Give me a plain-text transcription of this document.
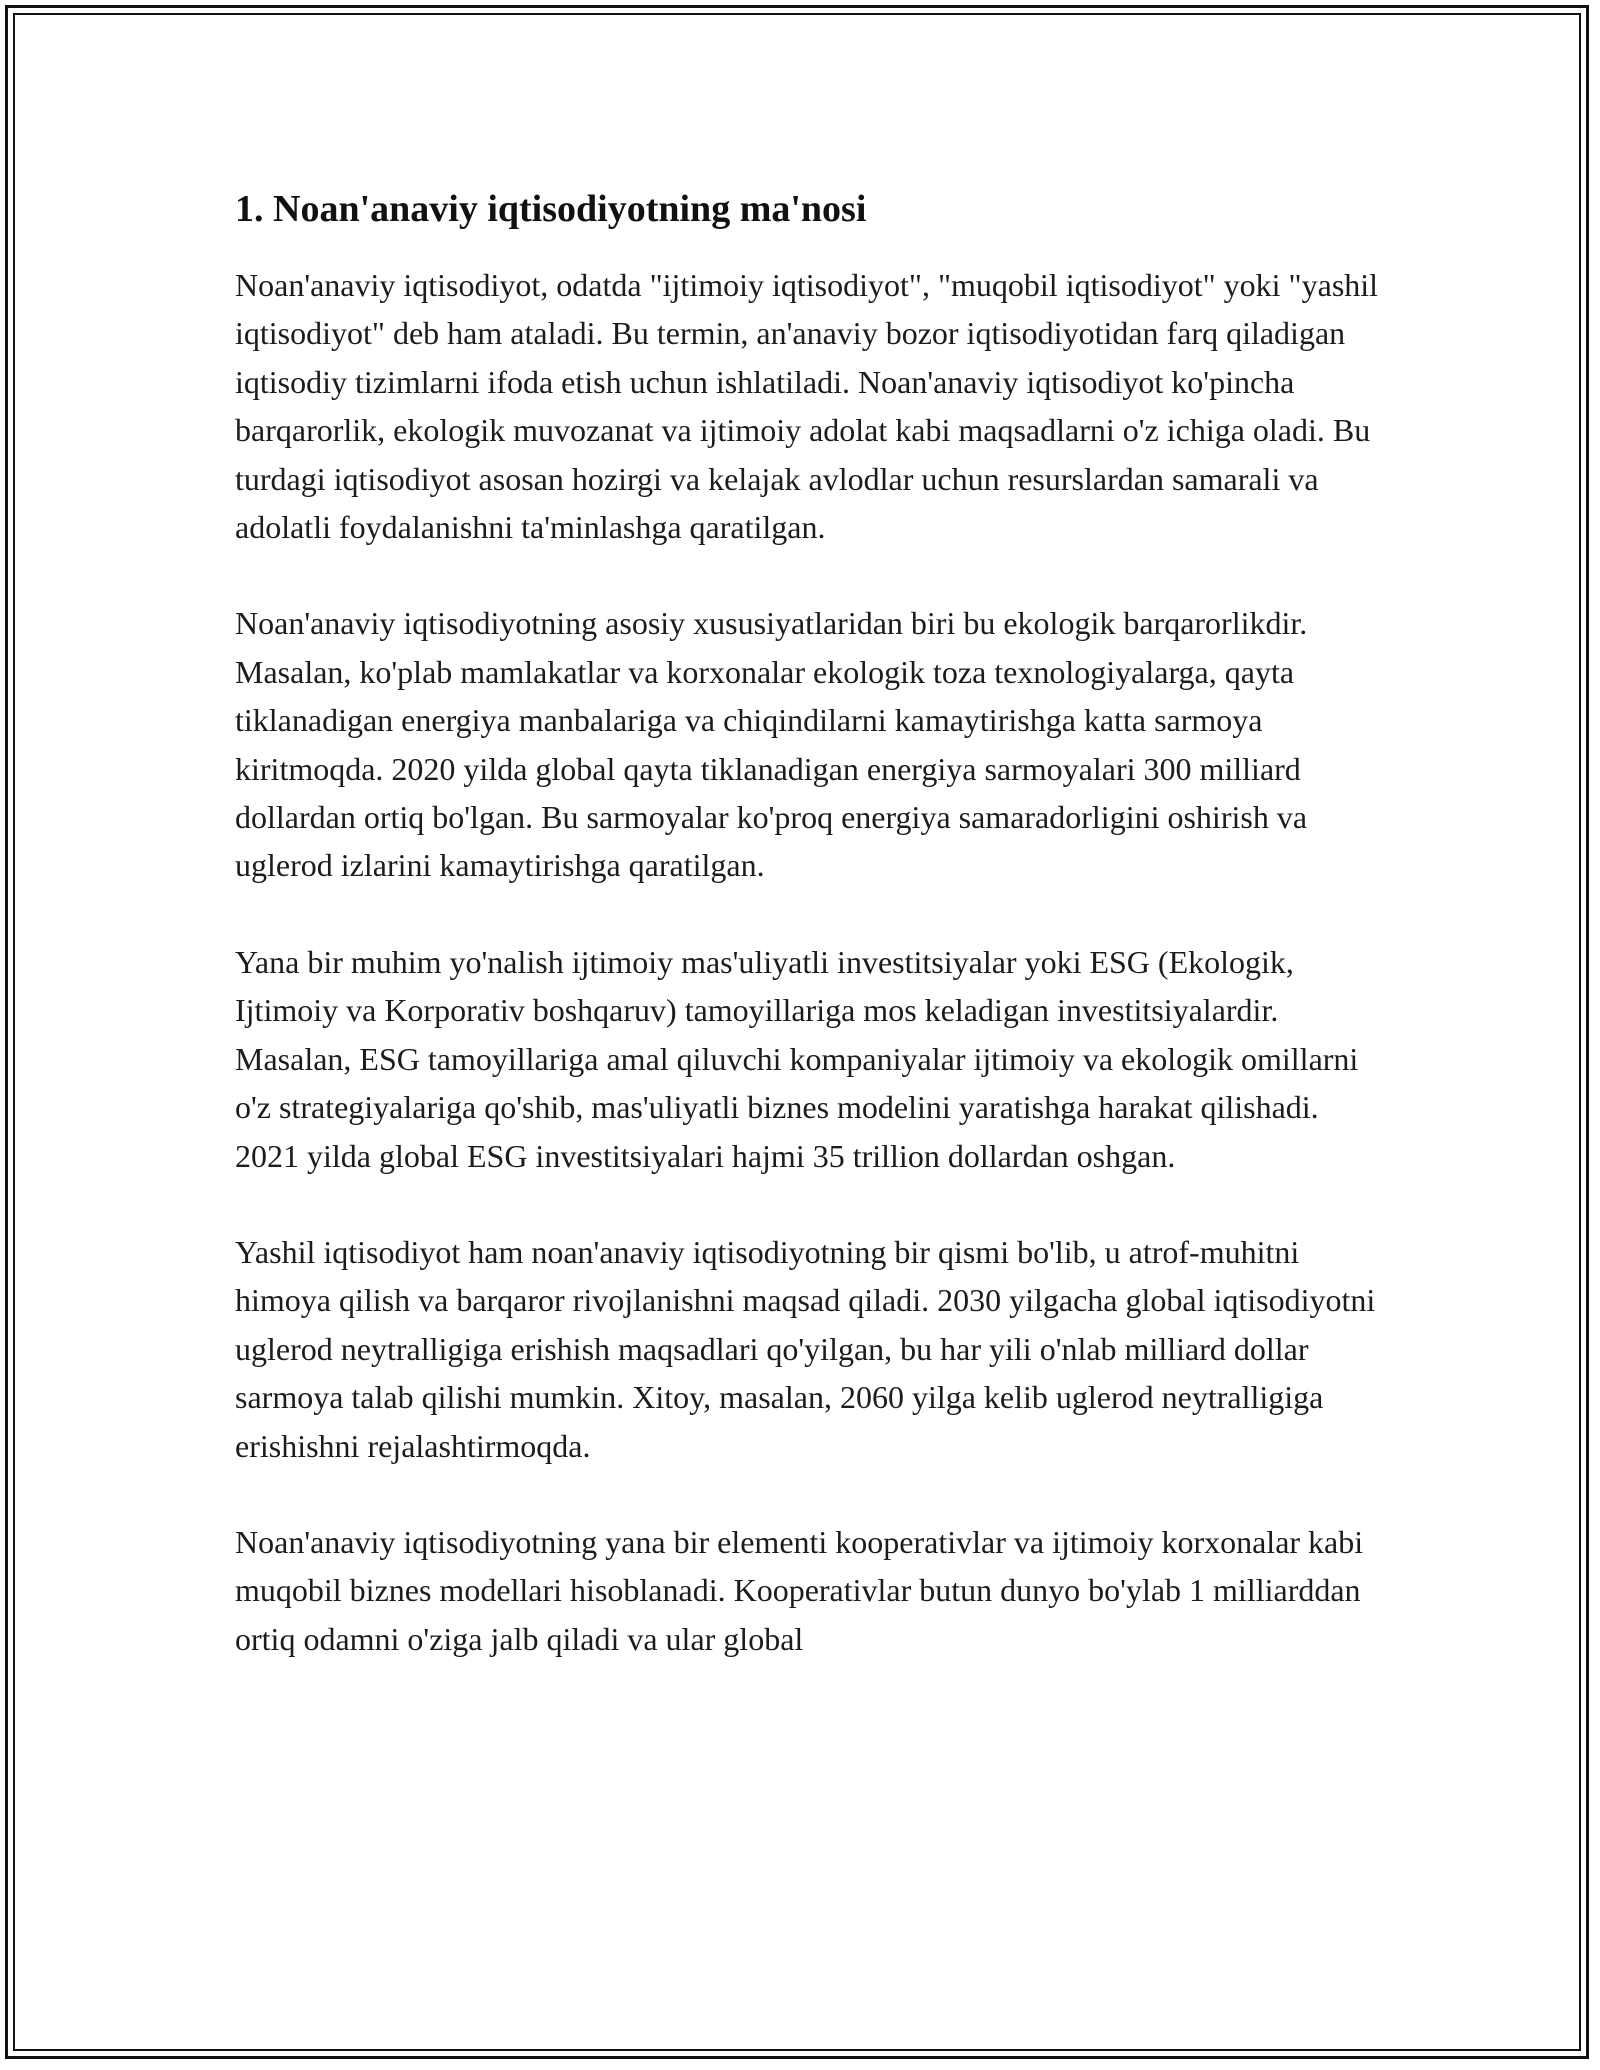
1. Noan'anaviy iqtisodiyotning ma'nosi

Noan'anaviy iqtisodiyot, odatda "ijtimoiy iqtisodiyot", "muqobil iqtisodiyot" yoki "yashil iqtisodiyot" deb ham ataladi. Bu termin, an'anaviy bozor iqtisodiyotidan farq qiladigan iqtisodiy tizimlarni ifoda etish uchun ishlatiladi. Noan'anaviy iqtisodiyot ko'pincha barqarorlik, ekologik muvozanat va ijtimoiy adolat kabi maqsadlarni o'z ichiga oladi. Bu turdagi iqtisodiyot asosan hozirgi va kelajak avlodlar uchun resurslardan samarali va adolatli foydalanishni ta'minlashga qaratilgan.

Noan'anaviy iqtisodiyotning asosiy xususiyatlaridan biri bu ekologik barqarorlikdir. Masalan, ko'plab mamlakatlar va korxonalar ekologik toza texnologiyalarga, qayta tiklanadigan energiya manbalariga va chiqindilarni kamaytirishga katta sarmoya kiritmoqda. 2020 yilda global qayta tiklanadigan energiya sarmoyalari 300 milliard dollardan ortiq bo'lgan. Bu sarmoyalar ko'proq energiya samaradorligini oshirish va uglerod izlarini kamaytirishga qaratilgan.

Yana bir muhim yo'nalish ijtimoiy mas'uliyatli investitsiyalar yoki ESG (Ekologik, Ijtimoiy va Korporativ boshqaruv) tamoyillariga mos keladigan investitsiyalardir. Masalan, ESG tamoyillariga amal qiluvchi kompaniyalar ijtimoiy va ekologik omillarni o'z strategiyalariga qo'shib, mas'uliyatli biznes modelini yaratishga harakat qilishadi. 2021 yilda global ESG investitsiyalari hajmi 35 trillion dollardan oshgan.

Yashil iqtisodiyot ham noan'anaviy iqtisodiyotning bir qismi bo'lib, u atrof-muhitni himoya qilish va barqaror rivojlanishni maqsad qiladi. 2030 yilgacha global iqtisodiyotni uglerod neytralligiga erishish maqsadlari qo'yilgan, bu har yili o'nlab milliard dollar sarmoya talab qilishi mumkin. Xitoy, masalan, 2060 yilga kelib uglerod neytralligiga erishishni rejalashtirmoqda.

Noan'anaviy iqtisodiyotning yana bir elementi kooperativlar va ijtimoiy korxonalar kabi muqobil biznes modellari hisoblanadi. Kooperativlar butun dunyo bo'ylab 1 milliarddan ortiq odamni o'ziga jalb qiladi va ular global
